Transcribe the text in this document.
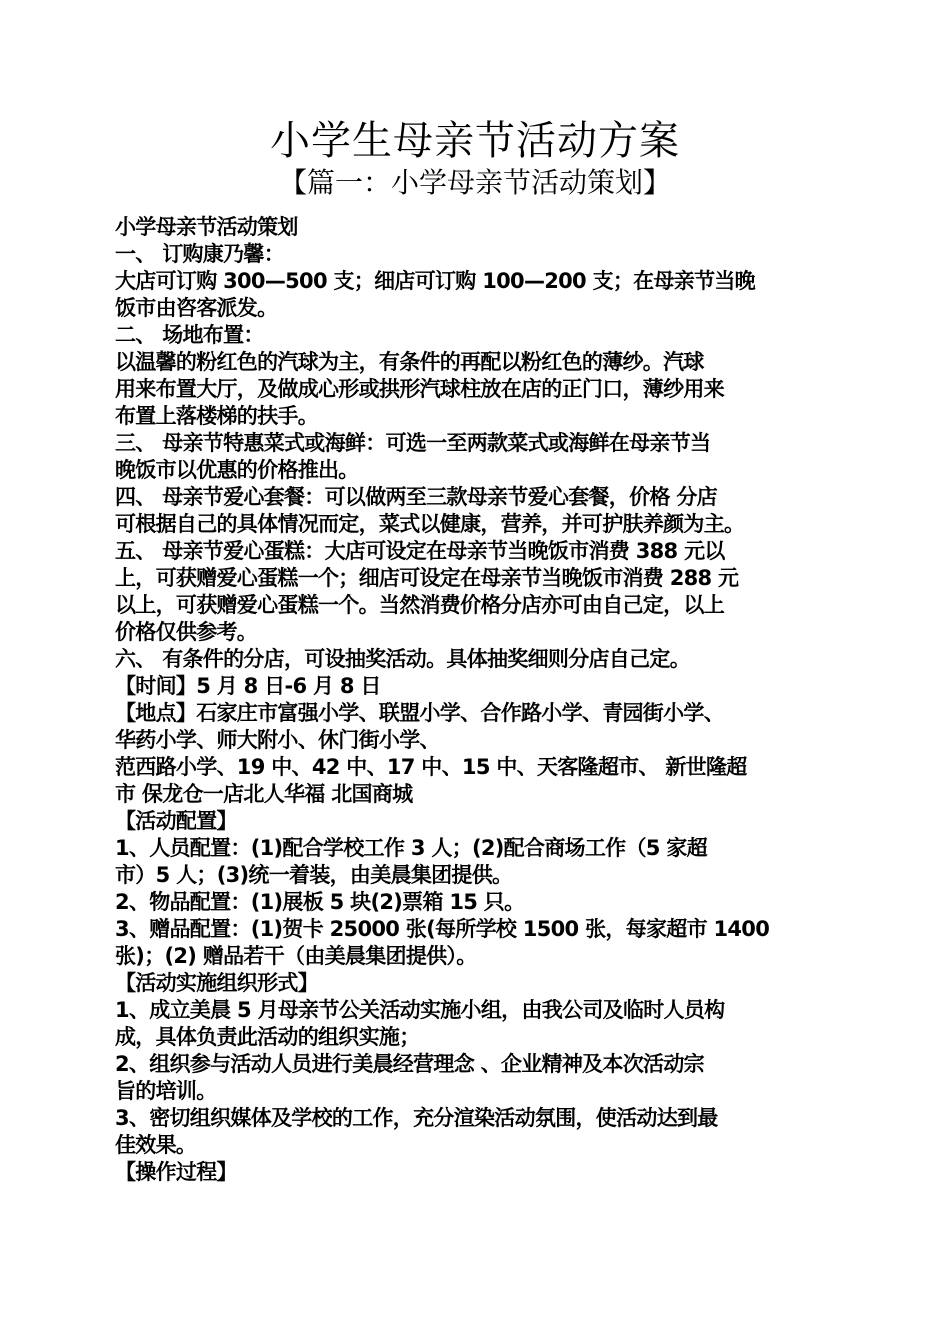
小学生母亲节活动方案
【篇一：小学母亲节活动策划】
小学母亲节活动策划
一、 订购康乃馨：
大店可订购 300—500 支；细店可订购 100—200 支；在母亲节当晚
饭市由咨客派发。
二、 场地布置：
以温馨的粉红色的汽球为主，有条件的再配以粉红色的薄纱。汽球
用来布置大厅，及做成心形或拱形汽球柱放在店的正门口，薄纱用来
布置上落楼梯的扶手。
三、 母亲节特惠菜式或海鲜：可选一至两款菜式或海鲜在母亲节当
晚饭市以优惠的价格推出。
四、 母亲节爱心套餐：可以做两至三款母亲节爱心套餐，价格 分店
可根据自己的具体情况而定，菜式以健康，营养，并可护肤养颜为主。
五、 母亲节爱心蛋糕：大店可设定在母亲节当晚饭市消费 388 元以
上，可获赠爱心蛋糕一个；细店可设定在母亲节当晚饭市消费 288 元
以上，可获赠爱心蛋糕一个。当然消费价格分店亦可由自己定，以上
价格仅供参考。
六、 有条件的分店，可设抽奖活动。具体抽奖细则分店自己定。
【时间】5 月 8 日-6 月 8 日
【地点】石家庄市富强小学、联盟小学、合作路小学、青园街小学、
华药小学、师大附小、休门街小学、
范西路小学、19 中、42 中、17 中、15 中、天客隆超市、 新世隆超
市 保龙仓一店北人华福 北国商城
【活动配置】
1、人员配置：(1)配合学校工作 3 人；(2)配合商场工作（5 家超
市）5 人；(3)统一着装，由美晨集团提供。
2、物品配置：(1)展板 5 块(2)票箱 15 只。
3、赠品配置：(1)贺卡 25000 张(每所学校 1500 张，每家超市 1400
张)；(2) 赠品若干（由美晨集团提供）。
【活动实施组织形式】
1、成立美晨 5 月母亲节公关活动实施小组，由我公司及临时人员构
成，具体负责此活动的组织实施；
2、组织参与活动人员进行美晨经营理念 、企业精神及本次活动宗
旨的培训。
3、密切组织媒体及学校的工作，充分渲染活动氛围，使活动达到最
佳效果。
【操作过程】
